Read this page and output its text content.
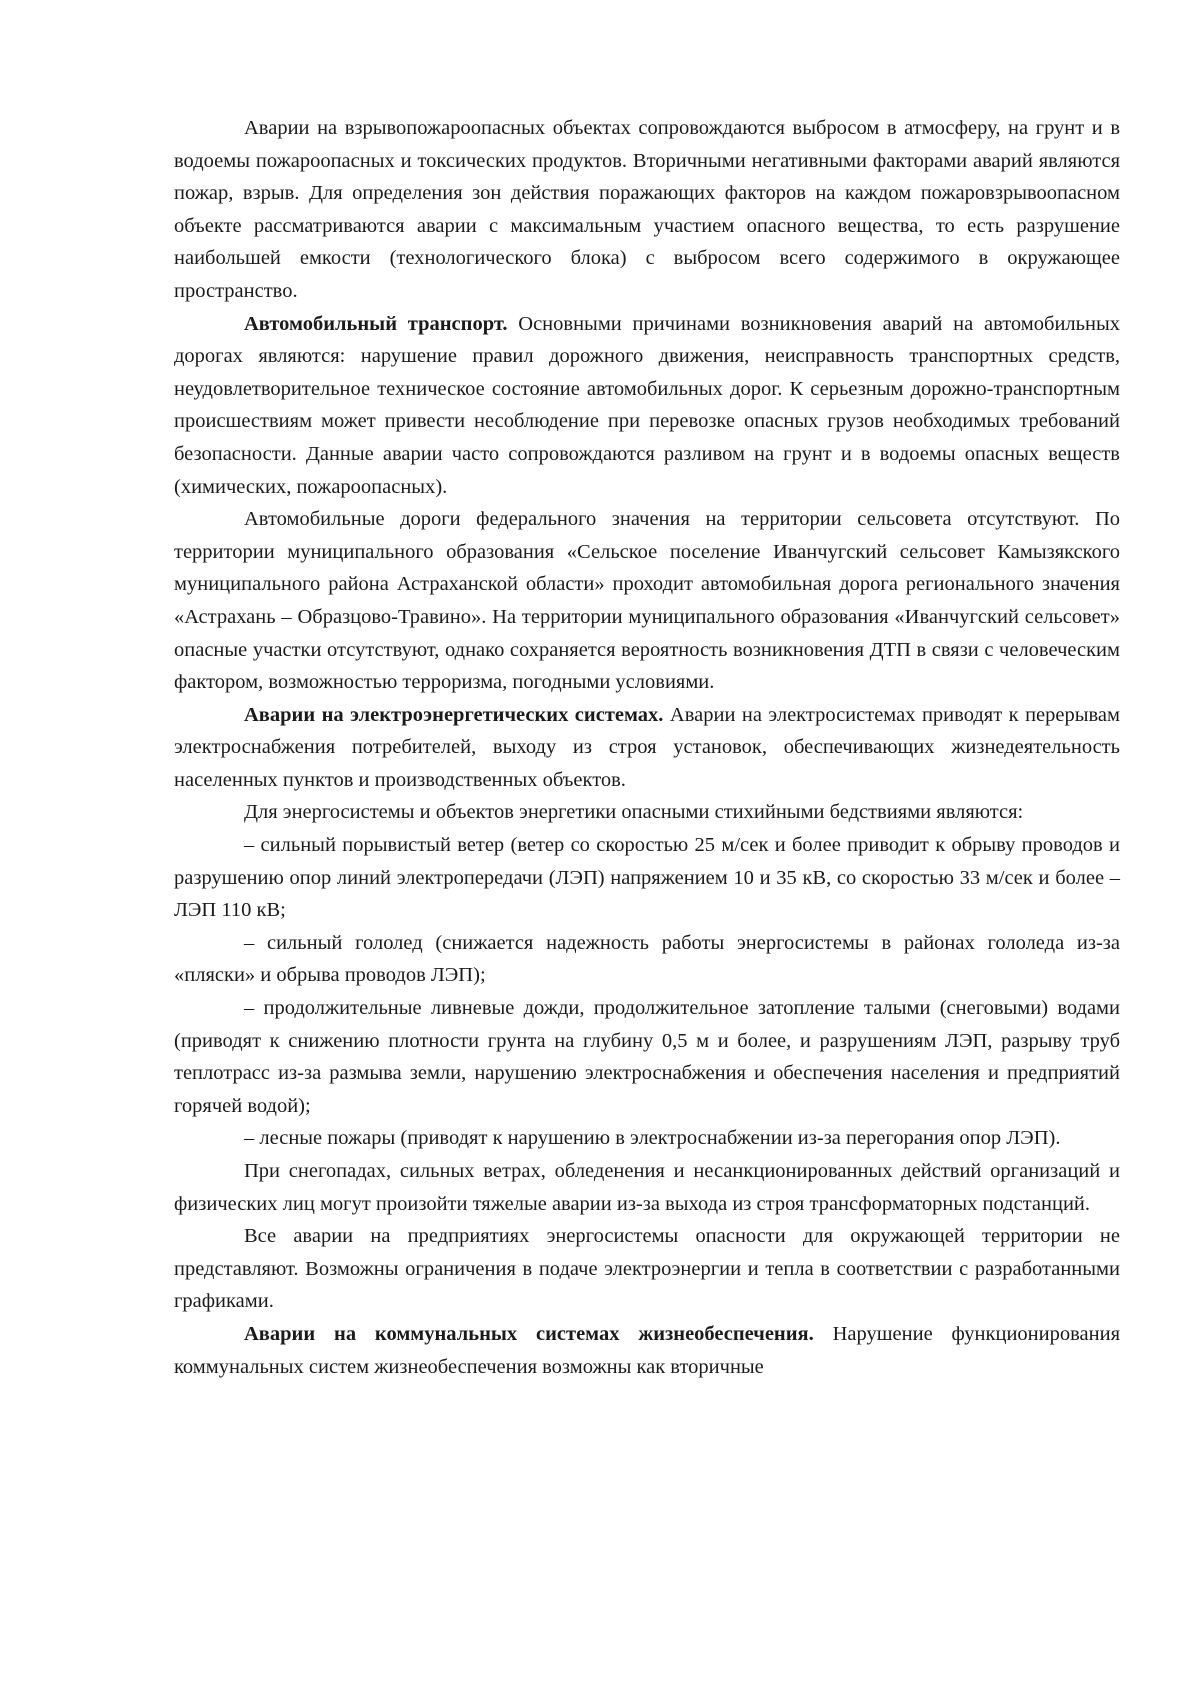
Аварии на взрывопожароопасных объектах сопровождаются выбросом в атмосферу, на грунт и в водоемы пожароопасных и токсических продуктов. Вторичными негативными факторами аварий являются пожар, взрыв. Для определения зон действия поражающих факторов на каждом пожаровзрывоопасном объекте рассматриваются аварии с максимальным участием опасного вещества, то есть разрушение наибольшей емкости (технологического блока) с выбросом всего содержимого в окружающее пространство.

Автомобильный транспорт. Основными причинами возникновения аварий на автомобильных дорогах являются: нарушение правил дорожного движения, неисправность транспортных средств, неудовлетворительное техническое состояние автомобильных дорог. К серьезным дорожно-транспортным происшествиям может привести несоблюдение при перевозке опасных грузов необходимых требований безопасности. Данные аварии часто сопровождаются разливом на грунт и в водоемы опасных веществ (химических, пожароопасных).

Автомобильные дороги федерального значения на территории сельсовета отсутствуют. По территории муниципального образования «Сельское поселение Иванчугский сельсовет Камызякского муниципального района Астраханской области» проходит автомобильная дорога регионального значения «Астрахань – Образцово-Травино». На территории муниципального образования «Иванчугский сельсовет» опасные участки отсутствуют, однако сохраняется вероятность возникновения ДТП в связи с человеческим фактором, возможностью терроризма, погодными условиями.

Аварии на электроэнергетических системах. Аварии на электросистемах приводят к перерывам электроснабжения потребителей, выходу из строя установок, обеспечивающих жизнедеятельность населенных пунктов и производственных объектов.

Для энергосистемы и объектов энергетики опасными стихийными бедствиями являются:

– сильный порывистый ветер (ветер со скоростью 25 м/сек и более приводит к обрыву проводов и разрушению опор линий электропередачи (ЛЭП) напряжением 10 и 35 кВ, со скоростью 33 м/сек и более – ЛЭП 110 кВ;

– сильный гололед (снижается надежность работы энергосистемы в районах гололеда из-за «пляски» и обрыва проводов ЛЭП);

– продолжительные ливневые дожди, продолжительное затопление талыми (снеговыми) водами (приводят к снижению плотности грунта на глубину 0,5 м и более, и разрушениям ЛЭП, разрыву труб теплотрасс из-за размыва земли, нарушению электроснабжения и обеспечения населения и предприятий горячей водой);

– лесные пожары (приводят к нарушению в электроснабжении из-за перегорания опор ЛЭП).

При снегопадах, сильных ветрах, обледенения и несанкционированных действий организаций и физических лиц могут произойти тяжелые аварии из-за выхода из строя трансформаторных подстанций.

Все аварии на предприятиях энергосистемы опасности для окружающей территории не представляют. Возможны ограничения в подаче электроэнергии и тепла в соответствии с разработанными графиками.

Аварии на коммунальных системах жизнеобеспечения. Нарушение функционирования коммунальных систем жизнеобеспечения возможны как вторичные
